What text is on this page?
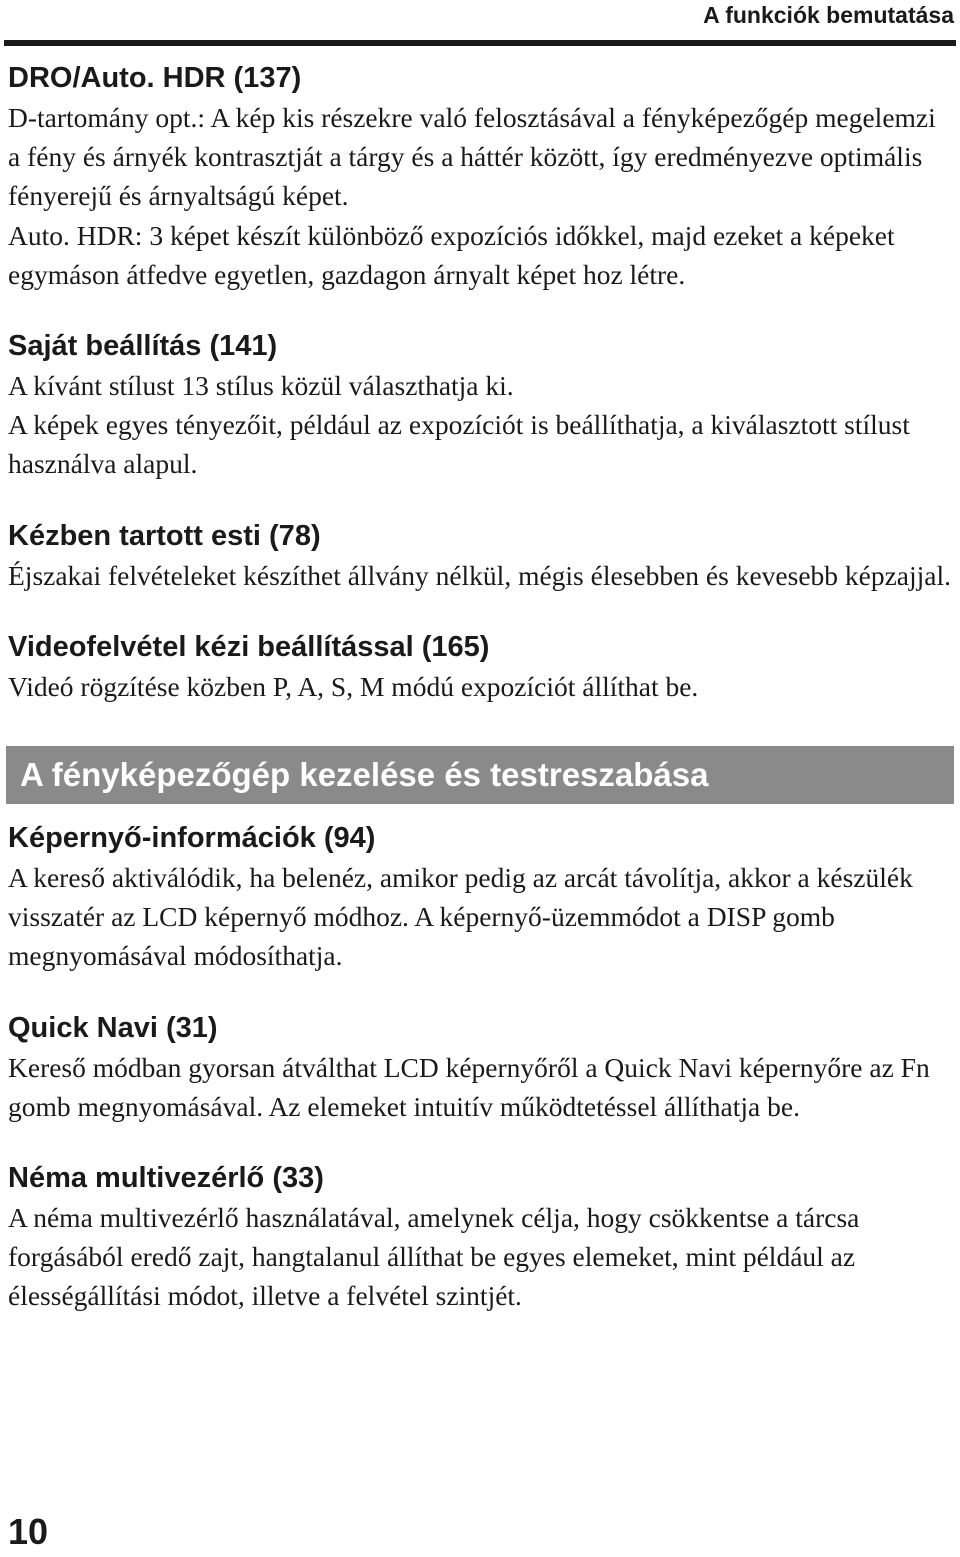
A funkciók bemutatása
DRO/Auto. HDR (137)

D-tartomány opt.: A kép kis részekre való felosztásával a fényképezőgép megelemzi a fény és árnyék kontrasztját a tárgy és a háttér között, így eredményezve optimális fényerejű és árnyaltságú képet.

Auto. HDR: 3 képet készít különböző expozíciós időkkel, majd ezeket a képeket egymáson átfedve egyetlen, gazdagon árnyalt képet hoz létre.

Saját beállítás (141)

A kívánt stílust 13 stílus közül választhatja ki.

A képek egyes tényezőit, például az expozíciót is beállíthatja, a kiválasztott stílust használva alapul.

Kézben tartott esti (78)

Éjszakai felvételeket készíthet állvány nélkül, mégis élesebben és kevesebb képzajjal.

Videofelvétel kézi beállítással (165)

Videó rögzítése közben P, A, S, M módú expozíciót állíthat be.

A fényképezőgép kezelése és testreszabása
Képernyő-információk (94)

A kereső aktiválódik, ha belenéz, amikor pedig az arcát távolítja, akkor a készülék visszatér az LCD képernyő módhoz. A képernyő-üzemmódot a DISP gomb megnyomásával módosíthatja.

Quick Navi (31)

Kereső módban gyorsan átválthat LCD képernyőről a Quick Navi képernyőre az Fn gomb megnyomásával. Az elemeket intuitív működtetéssel állíthatja be.

Néma multivezérlő (33)

A néma multivezérlő használatával, amelynek célja, hogy csökkentse a tárcsa forgásából eredő zajt, hangtalanul állíthat be egyes elemeket, mint például az élességállítási módot, illetve a felvétel szintjét.

10
